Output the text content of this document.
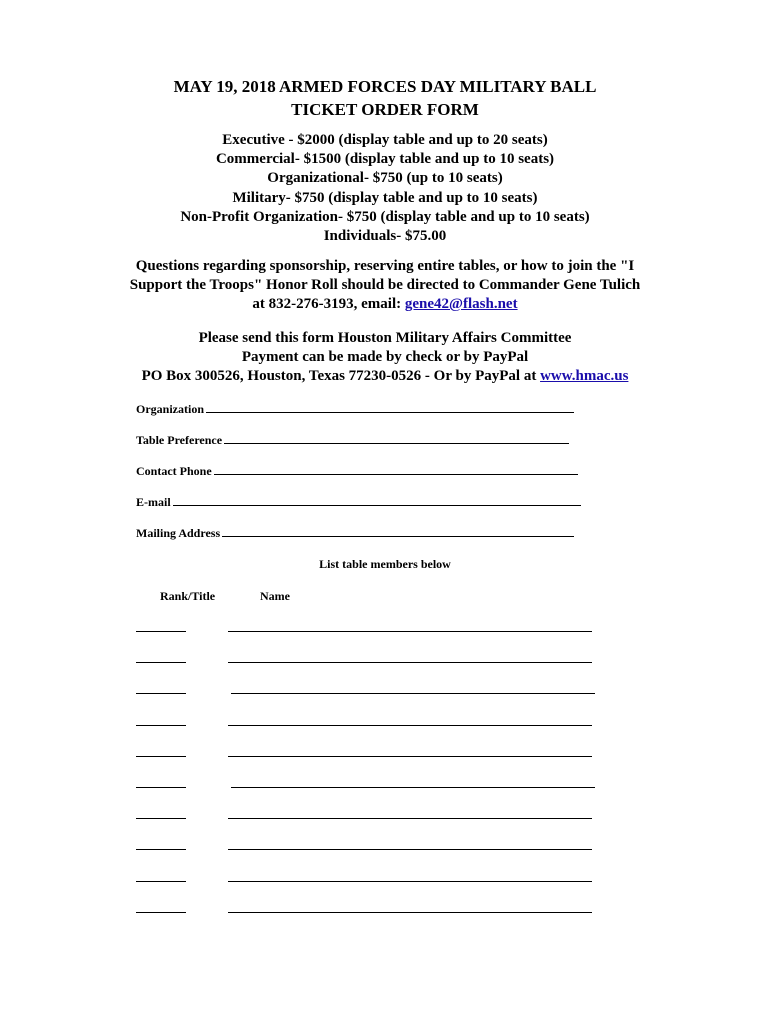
MAY 19, 2018 ARMED FORCES DAY MILITARY BALL
TICKET ORDER FORM
Executive - $2000 (display table and up to 20 seats)
Commercial- $1500 (display table and up to 10 seats)
Organizational- $750 (up to 10 seats)
Military- $750 (display table and up to 10 seats)
Non-Profit Organization- $750 (display table and up to 10 seats)
Individuals- $75.00
Questions regarding sponsorship, reserving entire tables, or how to join the "I
Support the Troops" Honor Roll should be directed to Commander Gene Tulich
at 832-276-3193, email: gene42@flash.net
Please send this form Houston Military Affairs Committee
Payment can be made by check or by PayPal
PO Box 300526, Houston, Texas 77230-0526 - Or by PayPal at www.hmac.us
Organization
Table Preference
Contact Phone
E-mail
Mailing Address
List table members below
Rank/Title	Name
